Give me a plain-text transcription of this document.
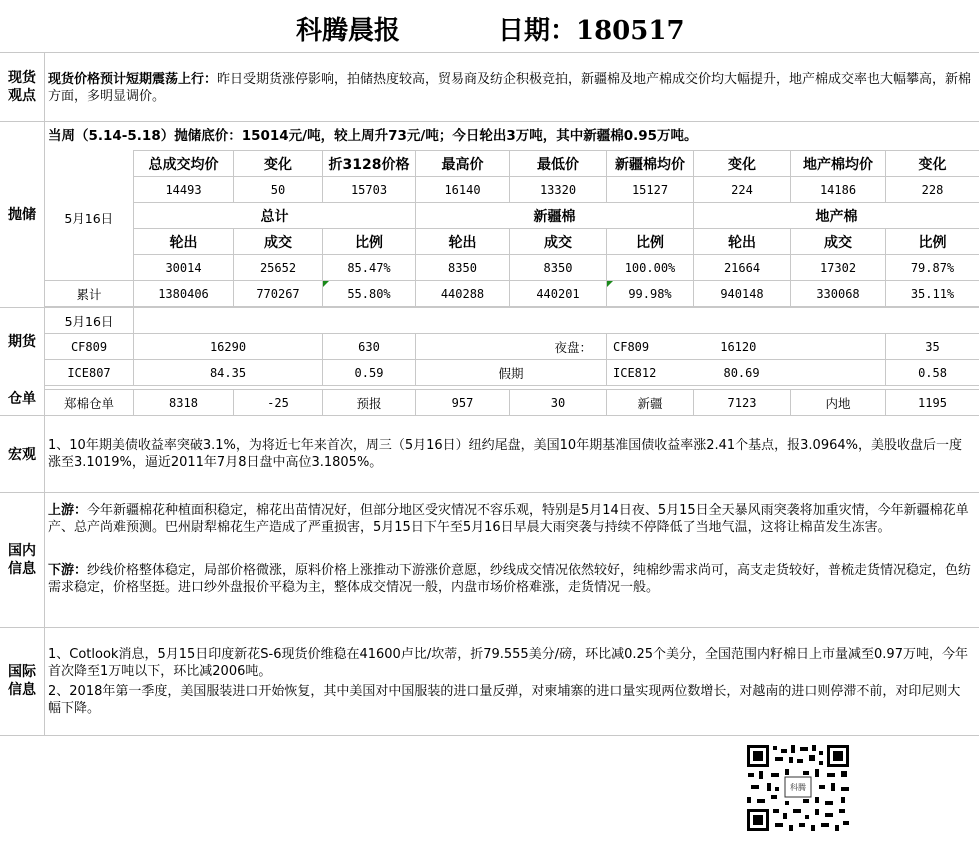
科腾晨报	日期：180517
现货观点
现货价格预计短期震荡上行：昨日受期货涨停影响，拍储热度较高，贸易商及纺企积极竞拍，新疆棉及地产棉成交价均大幅提升，地产棉成交率也大幅攀高，新棉方面，多明显调价。
抛储
当周（5.14-5.18）抛储底价：15014元/吨，较上周升73元/吨；今日轮出3万吨，其中新疆棉0.95万吨。
	总成交均价	变化	折3128价格	最高价	最低价	新疆棉均价	变化	地产棉均价	变化
	14493	50	15703	16140	13320	15127	224	14186	228
5月16日	总计			新疆棉			地产棉		
	轮出	成交	比例	轮出	成交	比例	轮出	成交	比例
	30014	25652	85.47%	8350	8350	100.00%	21664	17302	79.87%
累计	1380406	770267	55.80%	440288	440201	99.98%	940148	330068	35.11%
期货
仓单
5月16日						
CF809	16290	630	夜盘：	CF809 16120		35
ICE807	84.35	0.59	假期	ICE812 80.69		0.58
郑棉仓单	8318	-25	预报	957	30	新疆	7123	内地	1195
宏观
1、10年期美债收益率突破3.1%，为将近七年来首次，周三（5月16日）纽约尾盘，美国10年期基准国债收益率涨2.41个基点，报3.0964%，美股收盘后一度涨至3.1019%，逼近2011年7月8日盘中高位3.1805%。
国内信息
上游：今年新疆棉花种植面积稳定，棉花出苗情况好，但部分地区受灾情况不容乐观，特别是5月14日夜、5月15日全天暴风雨突袭将加重灾情，今年新疆棉花单产、总产尚难预测。巴州尉犁棉花生产造成了严重损害，5月15日下午至5月16日早晨大雨突袭与持续不停降低了当地气温，这将让棉苗发生冻害。
下游：纱线价格整体稳定，局部价格微涨，原料价格上涨推动下游涨价意愿，纱线成交情况依然较好，纯棉纱需求尚可，高支走货较好，普梳走货情况稳定，色纺需求稳定，价格坚挺。进口纱外盘报价平稳为主，整体成交情况一般，内盘市场价格难涨，走货情况一般。
国际信息
1、Cotlook消息，5月15日印度新花S-6现货价维稳在41600卢比/坎蒂，折79.555美分/磅，环比减0.25个美分，全国范围内籽棉日上市量减至0.97万吨，今年首次降至1万吨以下，环比减2006吨。
2、2018年第一季度，美国服装进口开始恢复，其中美国对中国服装的进口量反弹，对柬埔寨的进口量实现两位数增长，对越南的进口则停滞不前，对印尼则大幅下降。
科腾
